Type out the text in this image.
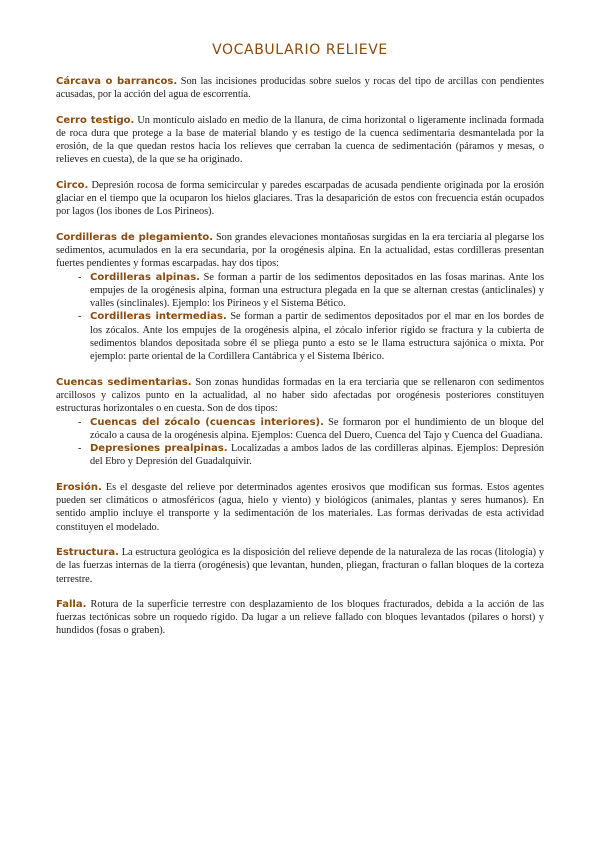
VOCABULARIO RELIEVE

Cárcava o barrancos. Son las incisiones producidas sobre suelos y rocas del tipo de arcillas con pendientes acusadas, por la acción del agua de escorrentía.

Cerro testigo. Un montículo aislado en medio de la llanura, de cima horizontal o ligeramente inclinada formada de roca dura que protege a la base de material blando y es testigo de la cuenca sedimentaria desmantelada por la erosión, de la que quedan restos hacia los relieves que cerraban la cuenca de sedimentación (páramos y mesas, o relieves en cuesta), de la que se ha originado.

Circo. Depresión rocosa de forma semicircular y paredes escarpadas de acusada pendiente originada por la erosión glaciar en el tiempo que la ocuparon los hielos glaciares. Tras la desaparición de estos con frecuencia están ocupados por lagos (los ibones de Los Pirineos).

Cordilleras de plegamiento. Son grandes elevaciones montañosas surgidas en la era terciaria al plegarse los sedimentos, acumulados en la era secundaria, por la orogénesis alpina. En la actualidad, estas cordilleras presentan fuertes pendientes y formas escarpadas. hay dos tipos:
- Cordilleras alpinas. Se forman a partir de los sedimentos depositados en las fosas marinas. Ante los empujes de la orogénesis alpina, forman una estructura plegada en la que se alternan crestas (anticlinales) y valles (sinclinales). Ejemplo: los Pirineos y el Sistema Bético.
- Cordilleras intermedias. Se forman a partir de sedimentos depositados por el mar en los bordes de los zócalos. Ante los empujes de la orogénesis alpina, el zócalo inferior rígido se fractura y la cubierta de sedimentos blandos depositada sobre él se pliega punto a esto se le llama estructura sajónica o mixta. Por ejemplo: parte oriental de la Cordillera Cantábrica y el Sistema Ibérico.
Cuencas sedimentarias. Son zonas hundidas formadas en la era terciaria que se rellenaron con sedimentos arcillosos y calizos punto en la actualidad, al no haber sido afectadas por orogénesis posteriores constituyen estructuras horizontales o en cuesta. Son de dos tipos:
- Cuencas del zócalo (cuencas interiores). Se formaron por el hundimiento de un bloque del zócalo a causa de la orogénesis alpina. Ejemplos: Cuenca del Duero, Cuenca del Tajo y Cuenca del Guadiana.
- Depresiones prealpinas. Localizadas a ambos lados de las cordilleras alpinas. Ejemplos: Depresión del Ebro y Depresión del Guadalquivir.

Erosión. Es el desgaste del relieve por determinados agentes erosivos que modifican sus formas. Estos agentes pueden ser climáticos o atmosféricos (agua, hielo y viento) y biológicos (animales, plantas y seres humanos). En sentido amplio incluye el transporte y la sedimentación de los materiales. Las formas derivadas de esta actividad constituyen el modelado.

Estructura. La estructura geológica es la disposición del relieve depende de la naturaleza de las rocas (litología) y de las fuerzas internas de la tierra (orogénesis) que levantan, hunden, pliegan, fracturan o fallan bloques de la corteza terrestre.

Falla. Rotura de la superficie terrestre con desplazamiento de los bloques fracturados, debida a la acción de las fuerzas tectónicas sobre un roquedo rígido. Da lugar a un relieve fallado con bloques levantados (pilares o horst) y hundidos (fosas o graben).
